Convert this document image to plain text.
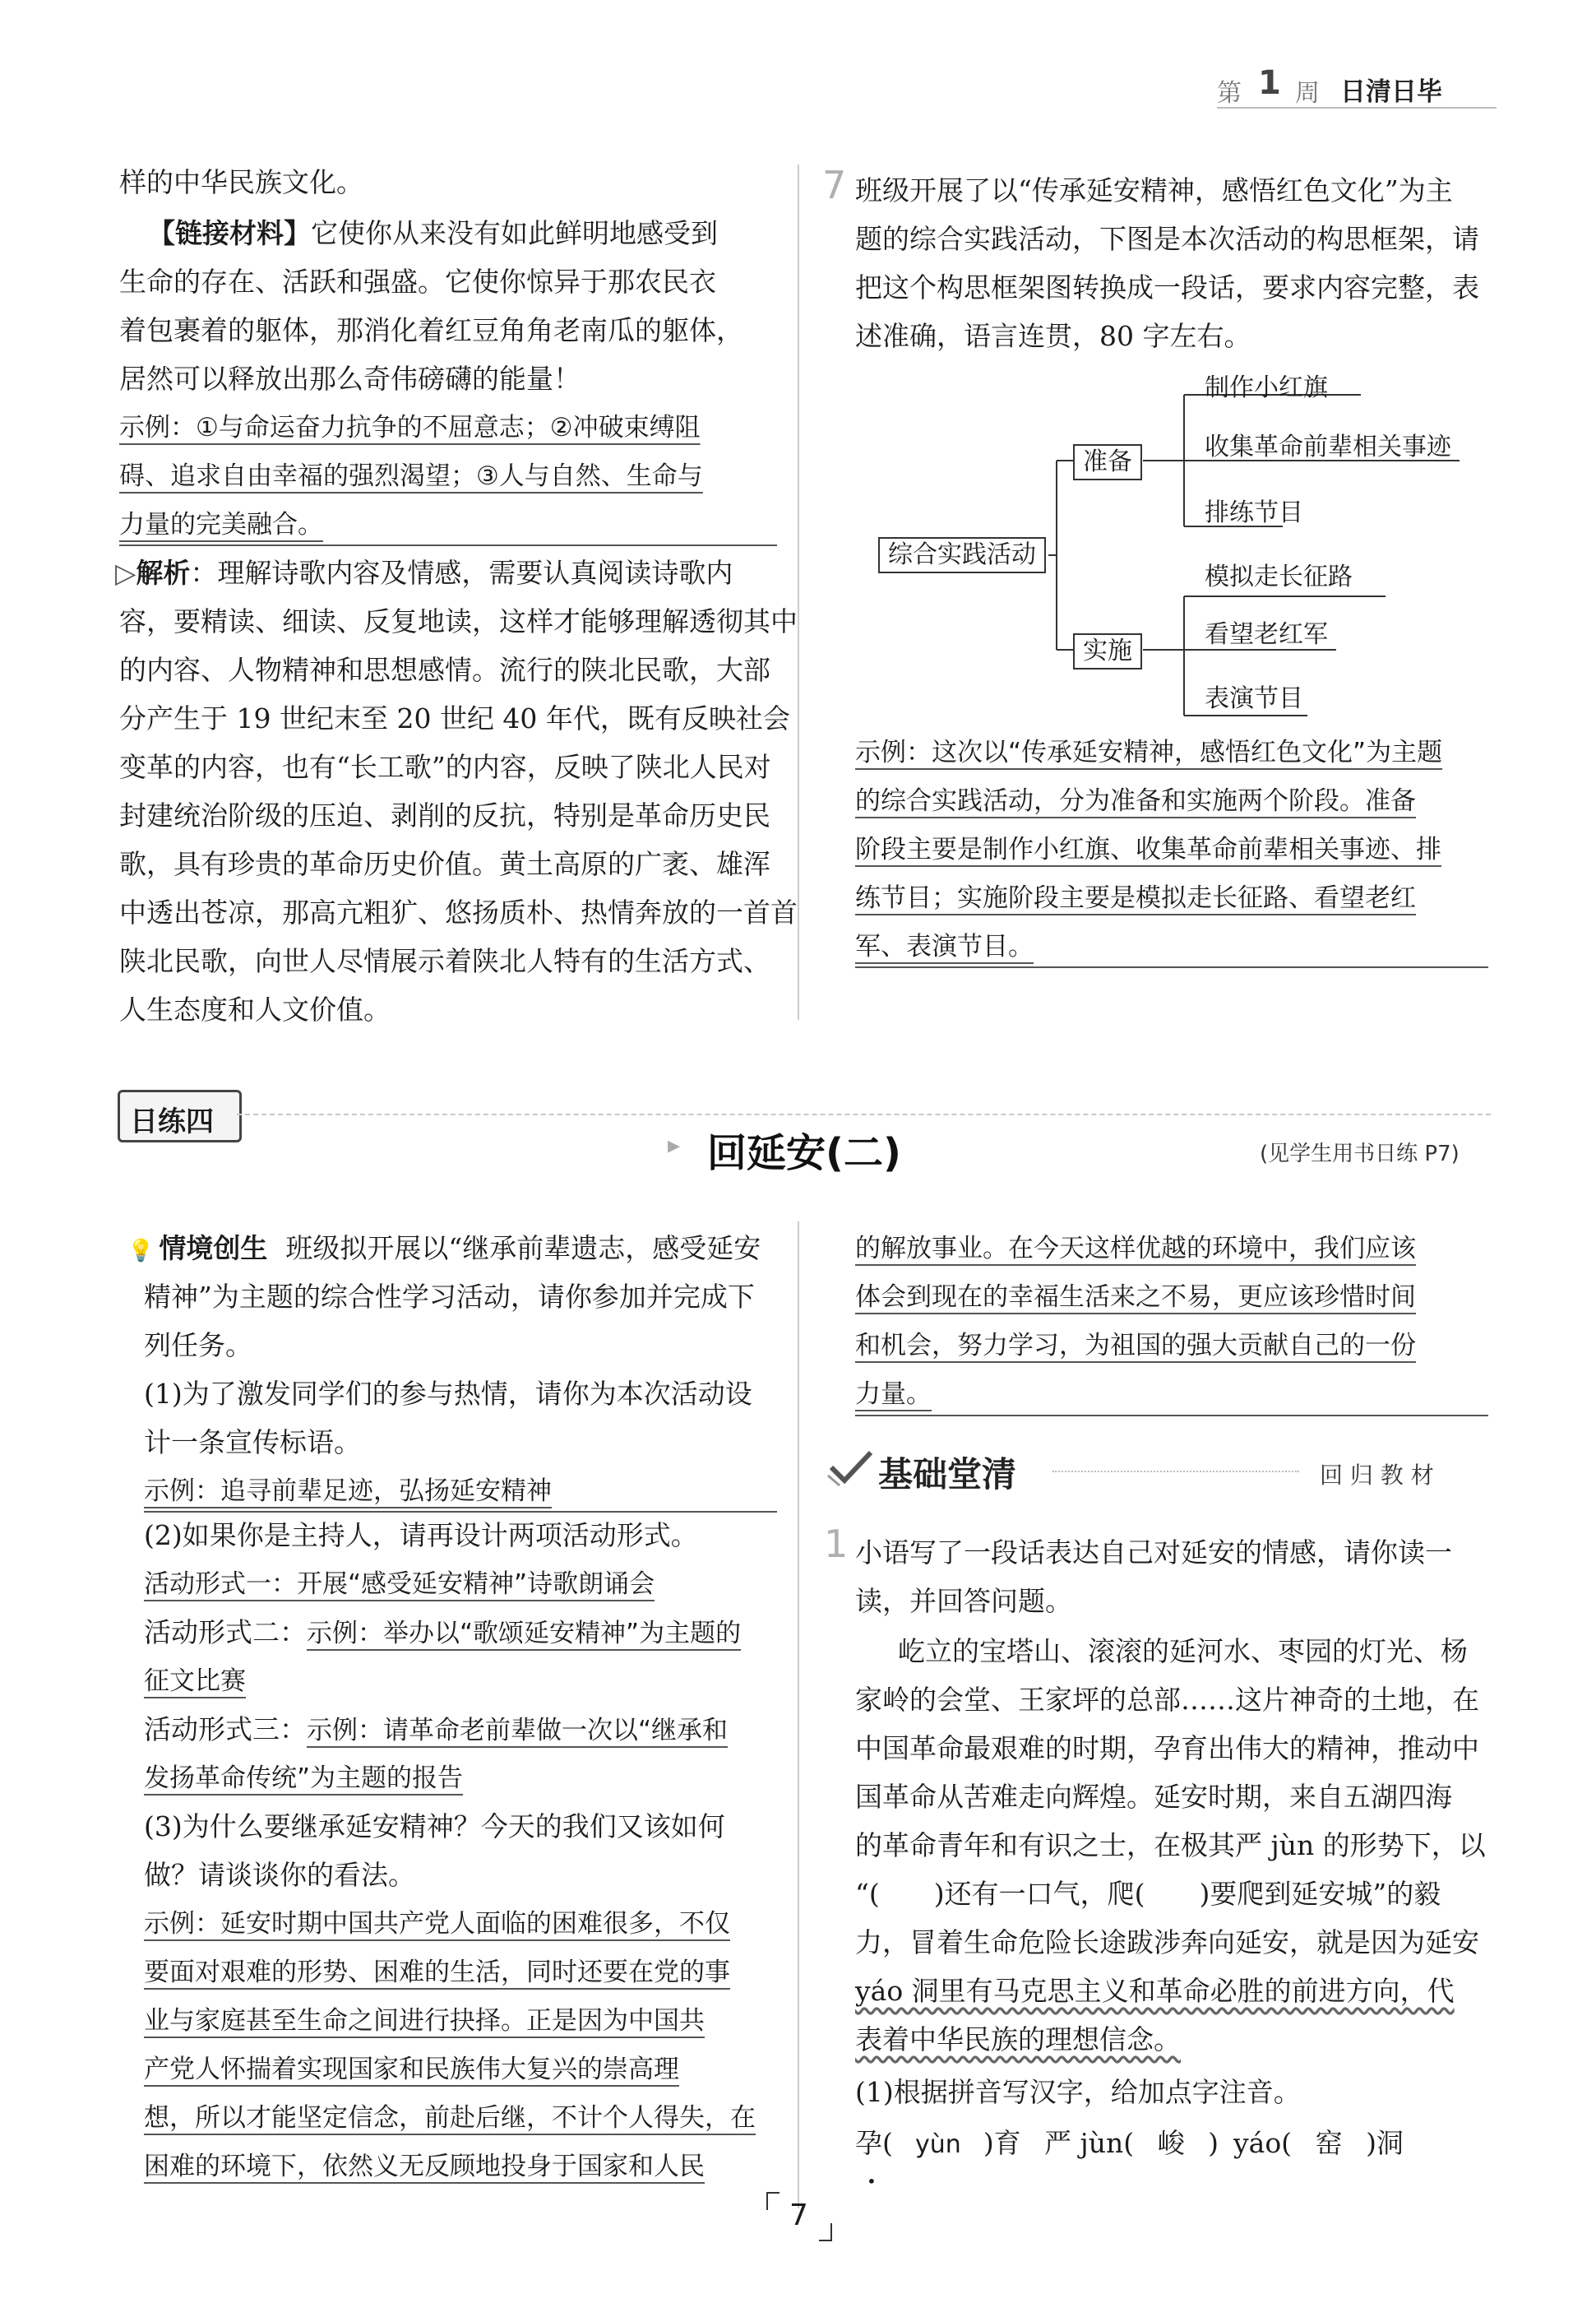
第 1 周 日清日毕
样的中华民族文化。
【链接材料】它使你从来没有如此鲜明地感受到
生命的存在、活跃和强盛。它使你惊异于那农民衣
着包裹着的躯体，那消化着红豆角角老南瓜的躯体，
居然可以释放出那么奇伟磅礴的能量！
示例：①与命运奋力抗争的不屈意志；②冲破束缚阻
碍、追求自由幸福的强烈渴望；③人与自然、生命与
力量的完美融合。
▷解析：理解诗歌内容及情感，需要认真阅读诗歌内
容，要精读、细读、反复地读，这样才能够理解透彻其中
的内容、人物精神和思想感情。流行的陕北民歌，大部
分产生于 19 世纪末至 20 世纪 40 年代，既有反映社会
变革的内容，也有“长工歌”的内容，反映了陕北人民对
封建统治阶级的压迫、剥削的反抗，特别是革命历史民
歌，具有珍贵的革命历史价值。黄土高原的广袤、雄浑
中透出苍凉，那高亢粗犷、悠扬质朴、热情奔放的一首首
陕北民歌，向世人尽情展示着陕北人特有的生活方式、
人生态度和人文价值。
7 班级开展了以“传承延安精神，感悟红色文化”为主
题的综合实践活动，下图是本次活动的构思框架，请
把这个构思框架图转换成一段话，要求内容完整，表
述准确，语言连贯，80 字左右。
综合实践活动
准备
实施
制作小红旗
收集革命前辈相关事迹
排练节目
模拟走长征路
看望老红军
表演节目
示例：这次以“传承延安精神，感悟红色文化”为主题
的综合实践活动，分为准备和实施两个阶段。准备
阶段主要是制作小红旗、收集革命前辈相关事迹、排
练节目；实施阶段主要是模拟走长征路、看望老红
军、表演节目。
日练四
▸ 回延安(二)	(见学生用书日练 P7)
💡 情境创生 班级拟开展以“继承前辈遗志，感受延安
精神”为主题的综合性学习活动，请你参加并完成下
列任务。
(1)为了激发同学们的参与热情，请你为本次活动设
计一条宣传标语。
示例：追寻前辈足迹，弘扬延安精神
(2)如果你是主持人，请再设计两项活动形式。
活动形式一：开展“感受延安精神”诗歌朗诵会
活动形式二：示例：举办以“歌颂延安精神”为主题的
征文比赛
活动形式三：示例：请革命老前辈做一次以“继承和
发扬革命传统”为主题的报告
(3)为什么要继承延安精神？今天的我们又该如何
做？请谈谈你的看法。
示例：延安时期中国共产党人面临的困难很多，不仅
要面对艰难的形势、困难的生活，同时还要在党的事
业与家庭甚至生命之间进行抉择。正是因为中国共
产党人怀揣着实现国家和民族伟大复兴的崇高理
想，所以才能坚定信念，前赴后继，不计个人得失，在
困难的环境下，依然义无反顾地投身于国家和人民
的解放事业。在今天这样优越的环境中，我们应该
体会到现在的幸福生活来之不易，更应该珍惜时间
和机会，努力学习，为祖国的强大贡献自己的一份
力量。
基础堂清	回 归 教 材
1 小语写了一段话表达自己对延安的情感，请你读一
读，并回答问题。
屹立的宝塔山、滚滚的延河水、枣园的灯光、杨
家岭的会堂、王家坪的总部……这片神奇的土地，在
中国革命最艰难的时期，孕育出伟大的精神，推动中
国革命从苦难走向辉煌。延安时期，来自五湖四海
的革命青年和有识之士，在极其严 jùn 的形势下，以
“(　　)还有一口气，爬(　　)要爬到延安城”的毅
力，冒着生命危险长途跋涉奔向延安，就是因为延安
yáo 洞里有马克思主义和革命必胜的前进方向，代
表着中华民族的理想信念。
(1)根据拼音写汉字，给加点字注音。
孕( yùn )育
•
严 jùn( 峻 ) yáo( 窑 )洞
7
